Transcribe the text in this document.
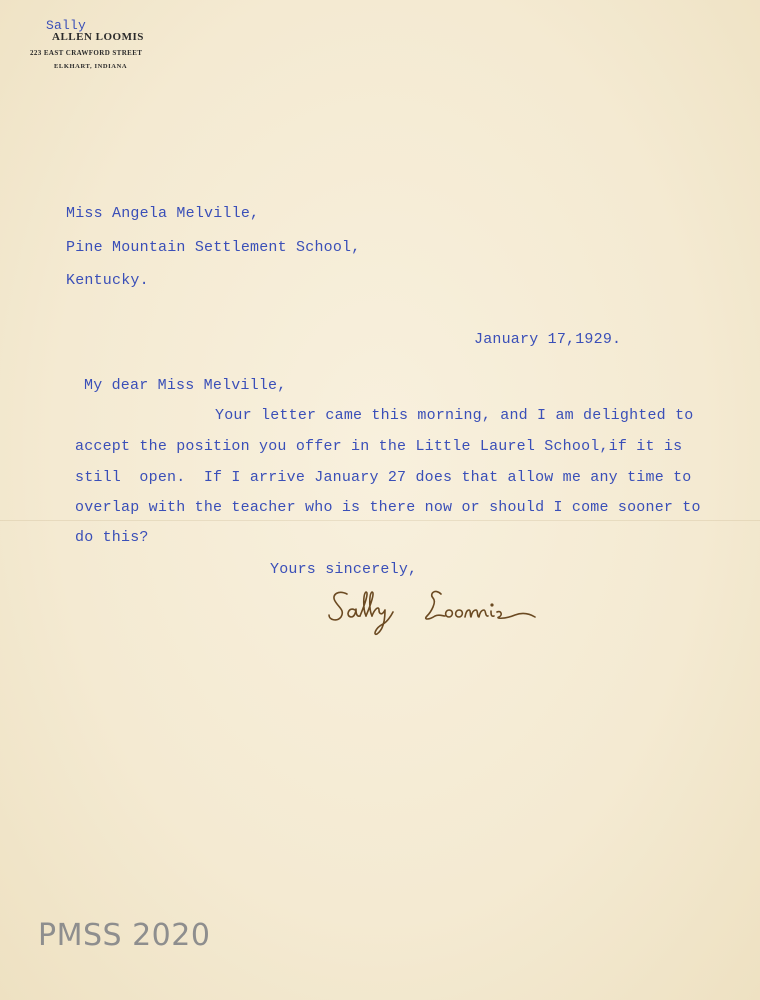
Sally
ALLEN LOOMIS
223 EAST CRAWFORD STREET
ELKHART, INDIANA
Miss Angela Melville,
Pine Mountain Settlement School,
Kentucky.
January 17,1929.
My dear Miss Melville,
Your letter came this morning, and I am delighted to
accept the position you offer in the Little Laurel School,if it is
still  open.  If I arrive January 27 does that allow me any time to
overlap with the teacher who is there now or should I come sooner to
do this?
Yours sincerely,
PMSS 2020
